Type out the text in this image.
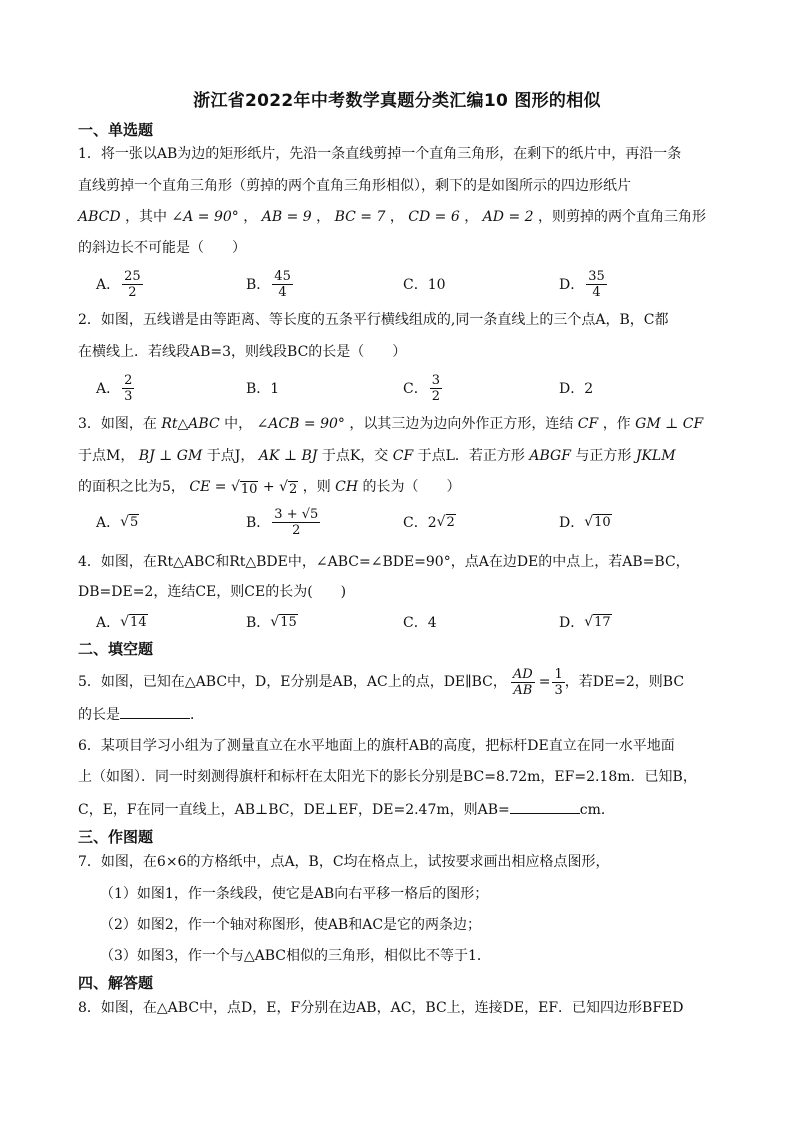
浙江省2022年中考数学真题分类汇编10 图形的相似
一、单选题
1．将一张以AB为边的矩形纸片，先沿一条直线剪掉一个直角三角形，在剩下的纸片中，再沿一条
直线剪掉一个直角三角形（剪掉的两个直角三角形相似），剩下的是如图所示的四边形纸片
ABCD ，其中 ∠A = 90° ， AB = 9 ， BC = 7 ， CD = 6 ， AD = 2 ，则剪掉的两个直角三角形
的斜边长不可能是（　　）
A． $\frac{25}{2}$	B． $\frac{45}{4}$	C．10	D． $\frac{35}{4}$
2．如图，五线谱是由等距离、等长度的五条平行横线组成的,同一条直线上的三个点A，B，C都
在横线上．若线段AB=3，则线段BC的长是（　　）
A． $\frac{2}{3}$	B．1	C． $\frac{3}{2}$	D．2
3．如图，在 Rt△ABC 中， ∠ACB = 90° ，以其三边为边向外作正方形，连结 CF ，作 GM ⊥ CF
于点M， BJ ⊥ GM 于点J， AK ⊥ BJ 于点K，交 CF 于点L．若正方形 ABGF 与正方形 JKLM
的面积之比为5， CE = √ 10 + √ 2 ，则 CH 的长为（　　）
A． √ 5	B． $\frac{3 + √5}{2}$	C．2 √ 2	D． √ 10
4．如图，在Rt△ABC和Rt△BDE中，∠ABC=∠BDE=90°，点A在边DE的中点上，若AB=BC，
DB=DE=2，连结CE，则CE的长为(　　)
A． √ 14	B． √ 15	C．4	D． √ 17
二、填空题
5．如图，已知在△ABC中，D，E分别是AB，AC上的点，DE∥BC， $\frac{AD}{AB} = \frac{1}{3}$ ，若DE=2，则BC
的长是	．
6．某项目学习小组为了测量直立在水平地面上的旗杆AB的高度，把标杆DE直立在同一水平地面
上（如图）．同一时刻测得旗杆和标杆在太阳光下的影长分别是BC=8.72m，EF=2.18m．已知B，
C，E，F在同一直线上，AB⊥BC，DE⊥EF，DE=2.47m，则AB=	cm．
三、作图题
7．如图，在6×6的方格纸中，点A，B，C均在格点上，试按要求画出相应格点图形，
（1）如图1，作一条线段，使它是AB向右平移一格后的图形；
（2）如图2，作一个轴对称图形，使AB和AC是它的两条边；
（3）如图3，作一个与△ABC相似的三角形，相似比不等于1．
四、解答题
8．如图，在△ABC中，点D，E，F分别在边AB，AC，BC上，连接DE，EF．已知四边形BFED
